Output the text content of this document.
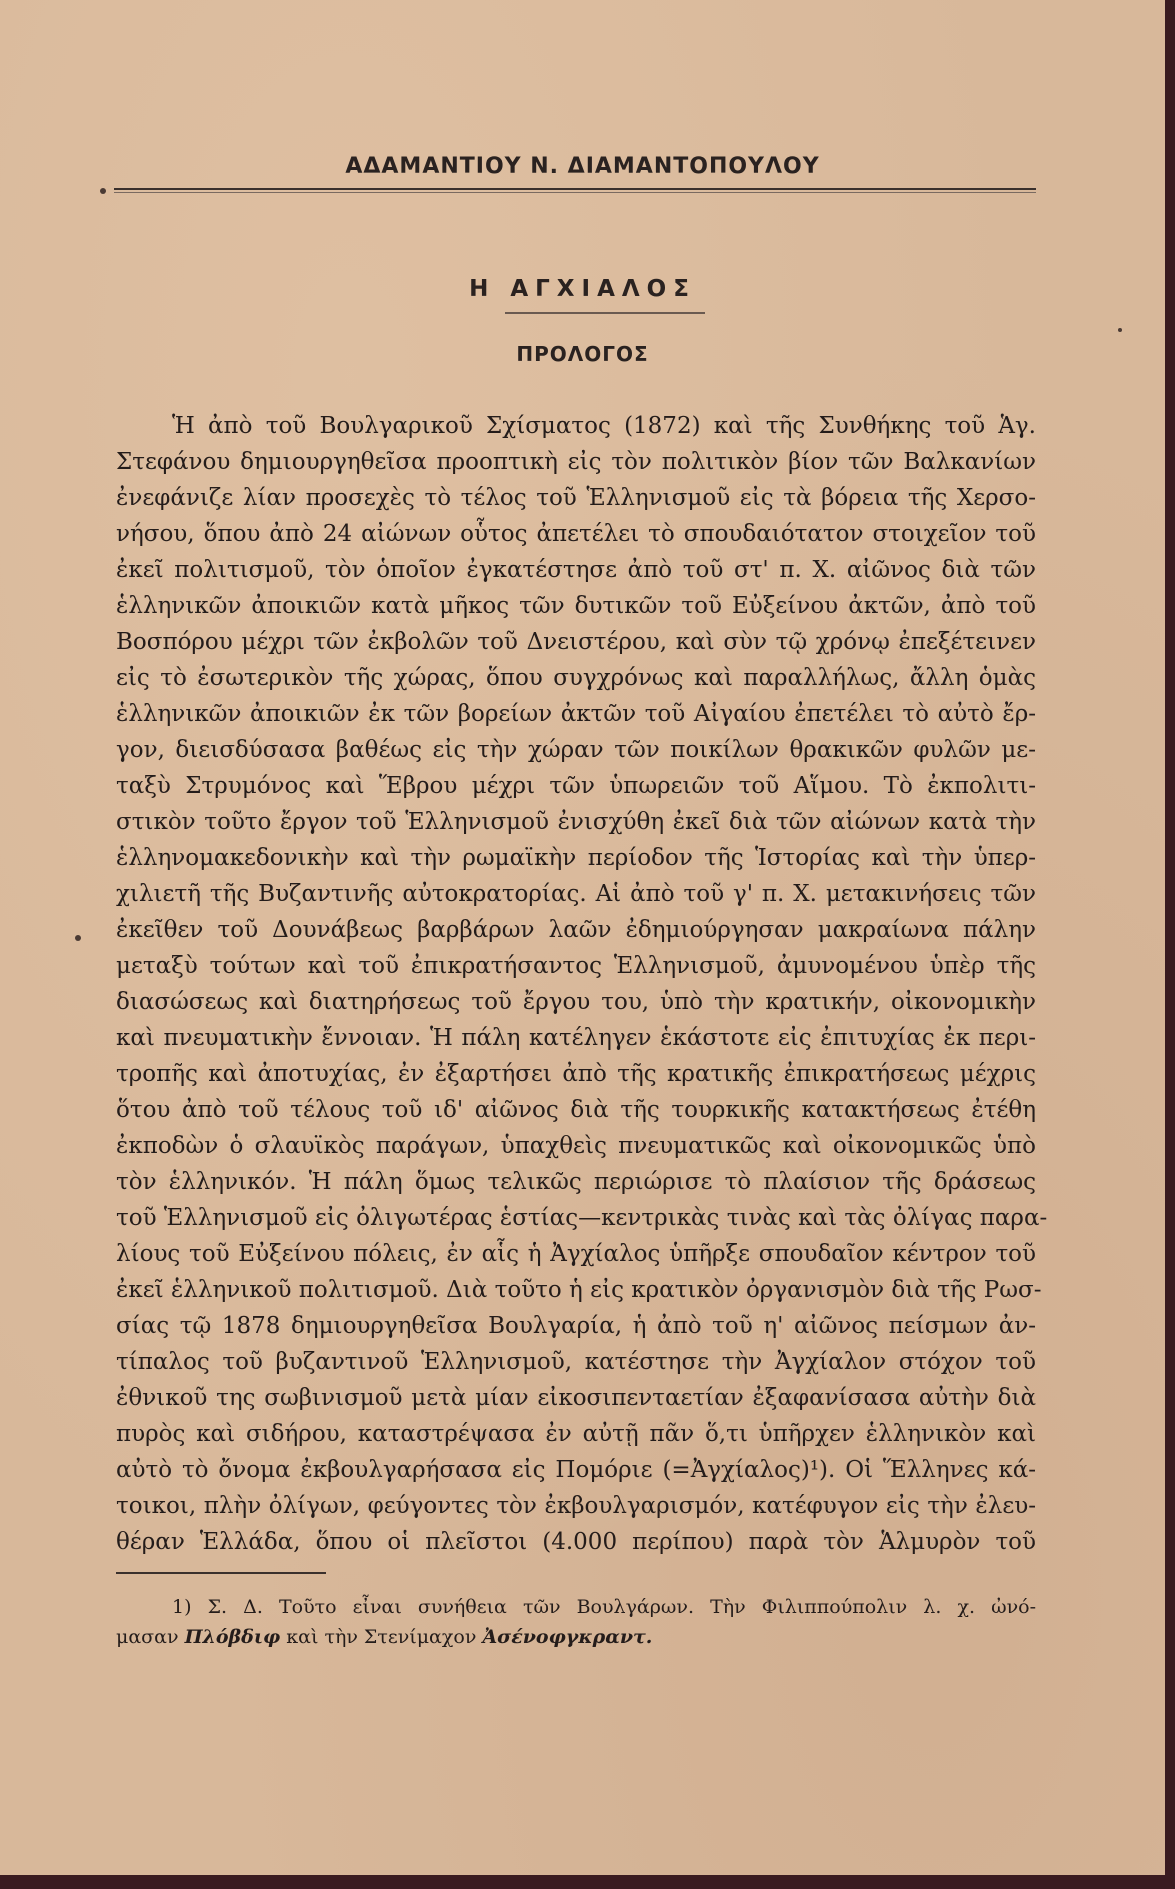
ΑΔΑΜΑΝΤΙΟΥ Ν. ΔΙΑΜΑΝΤΟΠΟΥΛΟΥ
Η ΑΓΧΙΑΛΟΣ
ΠΡΟΛΟΓΟΣ
Ἡ ἀπὸ τοῦ Βουλγαρικοῦ Σχίσματος (1872) καὶ τῆς Συνθήκης τοῦ Ἁγ.
Στεφάνου δημιουργηθεῖσα προοπτικὴ εἰς τὸν πολιτικὸν βίον τῶν Βαλκανίων
ἐνεφάνιζε λίαν προσεχὲς τὸ τέλος τοῦ Ἑλληνισμοῦ εἰς τὰ βόρεια τῆς Χερσο-
νήσου, ὅπου ἀπὸ 24 αἰώνων οὗτος ἀπετέλει τὸ σπουδαιότατον στοιχεῖον τοῦ
ἐκεῖ πολιτισμοῦ, τὸν ὁποῖον ἐγκατέστησε ἀπὸ τοῦ στ' π. Χ. αἰῶνος διὰ τῶν
ἑλληνικῶν ἀποικιῶν κατὰ μῆκος τῶν δυτικῶν τοῦ Εὐξείνου ἀκτῶν, ἀπὸ τοῦ
Βοσπόρου μέχρι τῶν ἐκβολῶν τοῦ Δνειστέρου, καὶ σὺν τῷ χρόνῳ ἐπεξέτεινεν
εἰς τὸ ἐσωτερικὸν τῆς χώρας, ὅπου συγχρόνως καὶ παραλλήλως, ἄλλη ὁμὰς
ἑλληνικῶν ἀποικιῶν ἐκ τῶν βορείων ἀκτῶν τοῦ Αἰγαίου ἐπετέλει τὸ αὐτὸ ἔρ-
γον, διεισδύσασα βαθέως εἰς τὴν χώραν τῶν ποικίλων θρακικῶν φυλῶν με-
ταξὺ Στρυμόνος καὶ Ἕβρου μέχρι τῶν ὑπωρειῶν τοῦ Αἵμου. Τὸ ἐκπολιτι-
στικὸν τοῦτο ἔργον τοῦ Ἑλληνισμοῦ ἐνισχύθη ἐκεῖ διὰ τῶν αἰώνων κατὰ τὴν
ἑλληνομακεδονικὴν καὶ τὴν ρωμαϊκὴν περίοδον τῆς Ἱστορίας καὶ τὴν ὑπερ-
χιλιετῆ τῆς Βυζαντινῆς αὐτοκρατορίας. Αἱ ἀπὸ τοῦ γ' π. Χ. μετακινήσεις τῶν
ἐκεῖθεν τοῦ Δουνάβεως βαρβάρων λαῶν ἐδημιούργησαν μακραίωνα πάλην
μεταξὺ τούτων καὶ τοῦ ἐπικρατήσαντος Ἑλληνισμοῦ, ἀμυνομένου ὑπὲρ τῆς
διασώσεως καὶ διατηρήσεως τοῦ ἔργου του, ὑπὸ τὴν κρατικήν, οἰκονομικὴν
καὶ πνευματικὴν ἔννοιαν. Ἡ πάλη κατέληγεν ἑκάστοτε εἰς ἐπιτυχίας ἐκ περι-
τροπῆς καὶ ἀποτυχίας, ἐν ἐξαρτήσει ἀπὸ τῆς κρατικῆς ἐπικρατήσεως μέχρις
ὅτου ἀπὸ τοῦ τέλους τοῦ ιδ' αἰῶνος διὰ τῆς τουρκικῆς κατακτήσεως ἐτέθη
ἐκποδὼν ὁ σλαυϊκὸς παράγων, ὑπαχθεὶς πνευματικῶς καὶ οἰκονομικῶς ὑπὸ
τὸν ἑλληνικόν. Ἡ πάλη ὅμως τελικῶς περιώρισε τὸ πλαίσιον τῆς δράσεως
τοῦ Ἑλληνισμοῦ εἰς ὀλιγωτέρας ἑστίας—κεντρικὰς τινὰς καὶ τὰς ὀλίγας παρα-
λίους τοῦ Εὐξείνου πόλεις, ἐν αἷς ἡ Ἀγχίαλος ὑπῆρξε σπουδαῖον κέντρον τοῦ
ἐκεῖ ἑλληνικοῦ πολιτισμοῦ. Διὰ τοῦτο ἡ εἰς κρατικὸν ὀργανισμὸν διὰ τῆς Ρωσ-
σίας τῷ 1878 δημιουργηθεῖσα Βουλγαρία, ἡ ἀπὸ τοῦ η' αἰῶνος πείσμων ἀν-
τίπαλος τοῦ βυζαντινοῦ Ἑλληνισμοῦ, κατέστησε τὴν Ἀγχίαλον στόχον τοῦ
ἐθνικοῦ της σωβινισμοῦ μετὰ μίαν εἰκοσιπενταετίαν ἐξαφανίσασα αὐτὴν διὰ
πυρὸς καὶ σιδήρου, καταστρέψασα ἐν αὐτῇ πᾶν ὅ,τι ὑπῆρχεν ἑλληνικὸν καὶ
αὐτὸ τὸ ὄνομα ἐκβουλγαρήσασα εἰς Πομόριε (=Ἀγχίαλος)¹). Οἱ Ἕλληνες κά-
τοικοι, πλὴν ὀλίγων, φεύγοντες τὸν ἐκβουλγαρισμόν, κατέφυγον εἰς τὴν ἐλευ-
θέραν Ἑλλάδα, ὅπου οἱ πλεῖστοι (4.000 περίπου) παρὰ τὸν Ἁλμυρὸν τοῦ
1) Σ. Δ. Τοῦτο εἶναι συνήθεια τῶν Βουλγάρων. Τὴν Φιλιππούπολιν λ. χ. ὠνό-
μασαν Πλόβδιφ καὶ τὴν Στενίμαχον Ἀσένοφγκραντ.
